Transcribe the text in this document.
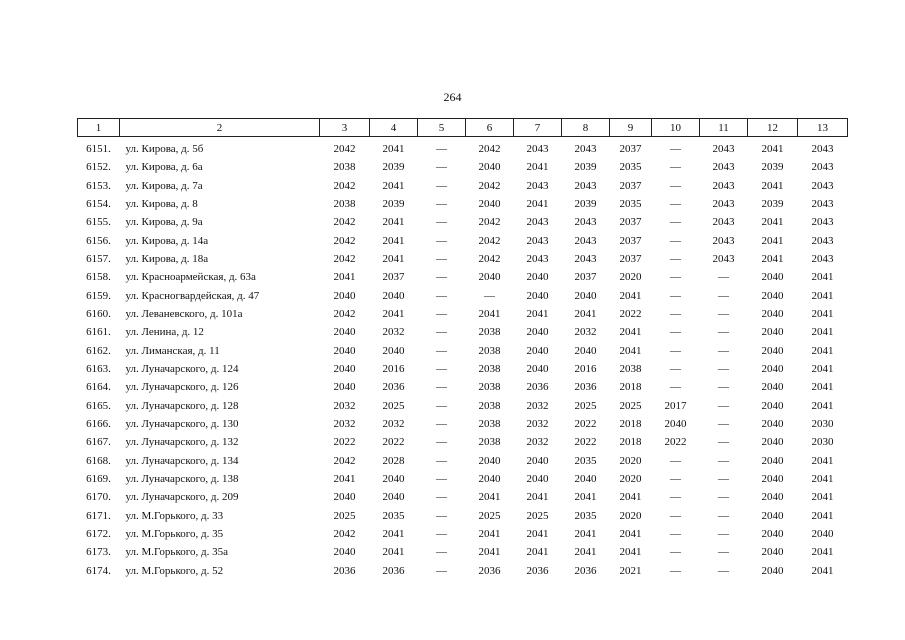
264
1	2	3	4	5	6	7	8	9	10	11	12	13
6151.	ул. Кирова, д. 5б	2042	2041	—	2042	2043	2043	2037	—	2043	2041	2043
6152.	ул. Кирова, д. 6а	2038	2039	—	2040	2041	2039	2035	—	2043	2039	2043
6153.	ул. Кирова, д. 7а	2042	2041	—	2042	2043	2043	2037	—	2043	2041	2043
6154.	ул. Кирова, д. 8	2038	2039	—	2040	2041	2039	2035	—	2043	2039	2043
6155.	ул. Кирова, д. 9а	2042	2041	—	2042	2043	2043	2037	—	2043	2041	2043
6156.	ул. Кирова, д. 14а	2042	2041	—	2042	2043	2043	2037	—	2043	2041	2043
6157.	ул. Кирова, д. 18а	2042	2041	—	2042	2043	2043	2037	—	2043	2041	2043
6158.	ул. Красноармейская, д. 63а	2041	2037	—	2040	2040	2037	2020	—	—	2040	2041
6159.	ул. Красногвардейская, д. 47	2040	2040	—	—	2040	2040	2041	—	—	2040	2041
6160.	ул. Леваневского, д. 101а	2042	2041	—	2041	2041	2041	2022	—	—	2040	2041
6161.	ул. Ленина, д. 12	2040	2032	—	2038	2040	2032	2041	—	—	2040	2041
6162.	ул. Лиманская, д. 11	2040	2040	—	2038	2040	2040	2041	—	—	2040	2041
6163.	ул. Луначарского, д. 124	2040	2016	—	2038	2040	2016	2038	—	—	2040	2041
6164.	ул. Луначарского, д. 126	2040	2036	—	2038	2036	2036	2018	—	—	2040	2041
6165.	ул. Луначарского, д. 128	2032	2025	—	2038	2032	2025	2025	2017	—	2040	2041
6166.	ул. Луначарского, д. 130	2032	2032	—	2038	2032	2022	2018	2040	—	2040	2030
6167.	ул. Луначарского, д. 132	2022	2022	—	2038	2032	2022	2018	2022	—	2040	2030
6168.	ул. Луначарского, д. 134	2042	2028	—	2040	2040	2035	2020	—	—	2040	2041
6169.	ул. Луначарского, д. 138	2041	2040	—	2040	2040	2040	2020	—	—	2040	2041
6170.	ул. Луначарского, д. 209	2040	2040	—	2041	2041	2041	2041	—	—	2040	2041
6171.	ул. М.Горького, д. 33	2025	2035	—	2025	2025	2035	2020	—	—	2040	2041
6172.	ул. М.Горького, д. 35	2042	2041	—	2041	2041	2041	2041	—	—	2040	2040
6173.	ул. М.Горького, д. 35а	2040	2041	—	2041	2041	2041	2041	—	—	2040	2041
6174.	ул. М.Горького, д. 52	2036	2036	—	2036	2036	2036	2021	—	—	2040	2041
